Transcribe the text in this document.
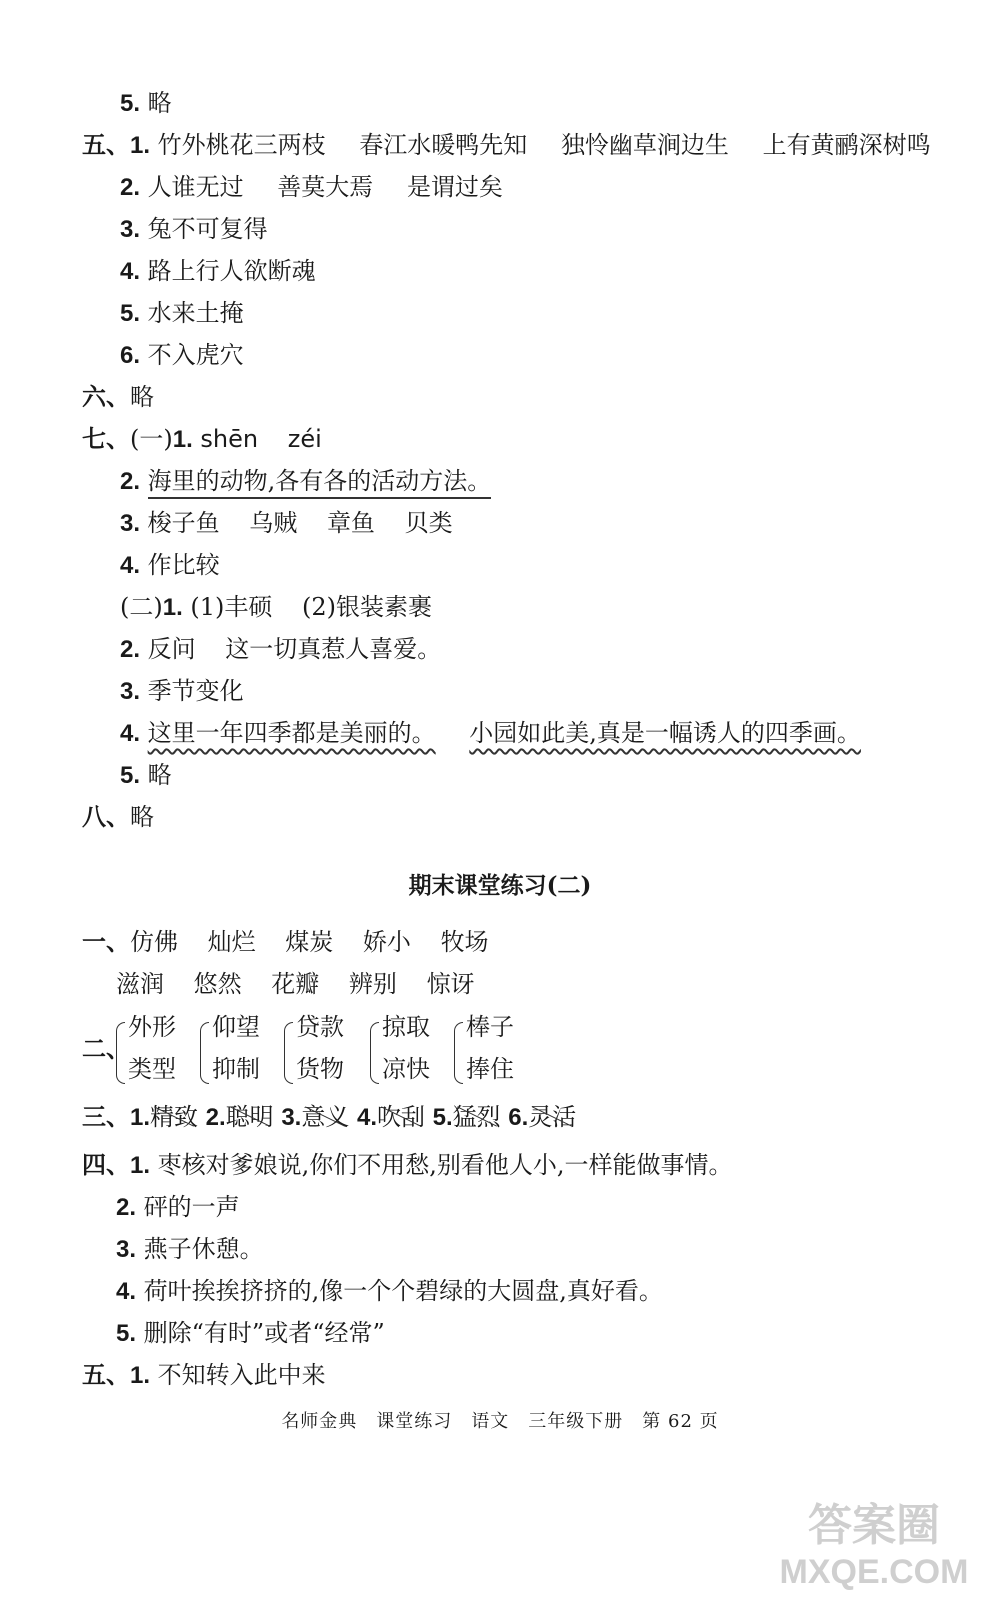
5. 略
五、1. 竹外桃花三两枝 春江水暖鸭先知 独怜幽草涧边生 上有黄鹂深树鸣
2. 人谁无过 善莫大焉 是谓过矣
3. 兔不可复得
4. 路上行人欲断魂
5. 水来土掩
6. 不入虎穴
六、略
七、(一)1. shēn zéi
2. 海里的动物,各有各的活动方法。
3. 梭子鱼 乌贼 章鱼 贝类
4. 作比较
(二)1. (1)丰硕 (2)银装素裹
2. 反问 这一切真惹人喜爱。
3. 季节变化
4. 这里一年四季都是美丽的。 小园如此美,真是一幅诱人的四季画。
5. 略
八、略
期末课堂练习(二)
一、仿佛 灿烂 煤炭 娇小 牧场
滋润 悠然 花瓣 辨别 惊讶
二、
外形
类型
仰望
抑制
贷款
货物
掠取
凉快
棒子
捧住
三、1.精致 2.聪明 3.意义 4.吹刮 5.猛烈 6.灵活
四、1. 枣核对爹娘说,你们不用愁,别看他人小,一样能做事情。
2. 砰的一声
3. 燕子休憩。
4. 荷叶挨挨挤挤的,像一个个碧绿的大圆盘,真好看。
5. 删除“有时”或者“经常”
五、1. 不知转入此中来
名师金典　课堂练习　语文　三年级下册　第 62 页
答案圈
MXQE.COM
